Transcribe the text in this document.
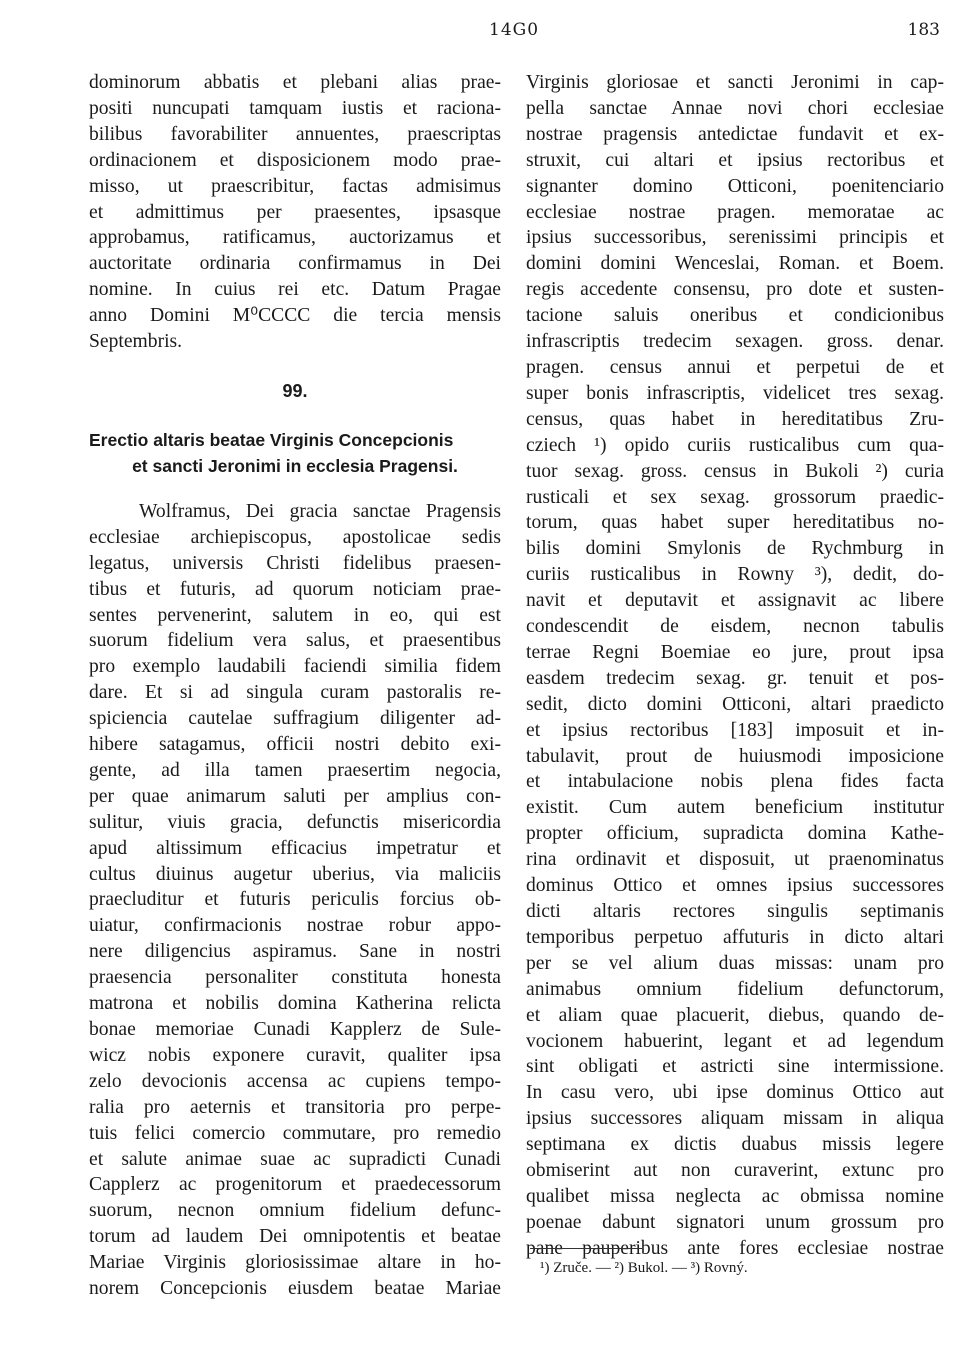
14G0	183

dominorum abbatis et plebani alias prae-

positi nuncupati tamquam iustis et raciona-

bilibus favorabiliter annuentes, praescriptas

ordinacionem et disposicionem modo prae-

misso, ut praescribitur, factas admisimus

et admittimus per praesentes, ipsasque

approbamus, ratificamus, auctorizamus et

auctoritate ordinaria confirmamus in Dei

nomine. In cuius rei etc. Datum Pragae

anno Domini M⁰CCCC die tercia mensis

Septembris.

99.

Erectio altaris beatae Virginis Concepcionis

et sancti Jeronimi in ecclesia Pragensi.

Wolframus, Dei gracia sanctae Pragensis

ecclesiae archiepiscopus, apostolicae sedis

legatus, universis Christi fidelibus praesen-

tibus et futuris, ad quorum noticiam prae-

sentes pervenerint, salutem in eo, qui est

suorum fidelium vera salus, et praesentibus

pro exemplo laudabili faciendi similia fidem

dare. Et si ad singula curam pastoralis re-

spiciencia cautelae suffragium diligenter ad-

hibere satagamus, officii nostri debito exi-

gente, ad illa tamen praesertim negocia,

per quae animarum saluti per amplius con-

sulitur, viuis gracia, defunctis misericordia

apud altissimum efficacius impetratur et

cultus diuinus augetur uberius, via maliciis

praecluditur et futuris periculis forcius ob-

uiatur, confirmacionis nostrae robur appo-

nere diligencius aspiramus. Sane in nostri

praesencia personaliter constituta honesta

matrona et nobilis domina Katherina relicta

bonae memoriae Cunadi Kapplerz de Sule-

wicz nobis exponere curavit, qualiter ipsa

zelo devocionis accensa ac cupiens tempo-

ralia pro aeternis et transitoria pro perpe-

tuis felici comercio commutare, pro remedio

et salute animae suae ac supradicti Cunadi

Capplerz ac progenitorum et praedecessorum

suorum, necnon omnium fidelium defunc-

torum ad laudem Dei omnipotentis et beatae

Mariae Virginis gloriosissimae altare in ho-

norem Concepcionis eiusdem beatae Mariae

Virginis gloriosae et sancti Jeronimi in cap-

pella sanctae Annae novi chori ecclesiae

nostrae pragensis antedictae fundavit et ex-

struxit, cui altari et ipsius rectoribus et

signanter domino Otticoni, poenitenciario

ecclesiae nostrae pragen. memoratae ac

ipsius successoribus, serenissimi principis et

domini domini Wenceslai, Roman. et Boem.

regis accedente consensu, pro dote et susten-

tacione saluis oneribus et condicionibus

infrascriptis tredecim sexagen. gross. denar.

pragen. census annui et perpetui de et

super bonis infrascriptis, videlicet tres sexag.

census, quas habet in hereditatibus Zru-

cziech ¹) opido curiis rusticalibus cum qua-

tuor sexag. gross. census in Bukoli ²) curia

rusticali et sex sexag. grossorum praedic-

torum, quas habet super hereditatibus no-

bilis domini Smylonis de Rychmburg in

curiis rusticalibus in Rowny ³), dedit, do-

navit et deputavit et assignavit ac libere

condescendit de eisdem, necnon tabulis

terrae Regni Boemiae eo jure, prout ipsa

easdem tredecim sexag. gr. tenuit et pos-

sedit, dicto domini Otticoni, altari praedicto

et ipsius rectoribus [183] imposuit et in-

tabulavit, prout de huiusmodi imposicione

et intabulacione nobis plena fides facta

existit. Cum autem beneficium institutur

propter officium, supradicta domina Kathe-

rina ordinavit et disposuit, ut praenominatus

dominus Ottico et omnes ipsius successores

dicti altaris rectores singulis septimanis

temporibus perpetuo affuturis in dicto altari

per se vel alium duas missas: unam pro

animabus omnium fidelium defunctorum,

et aliam quae placuerit, diebus, quando de-

vocionem habuerint, legant et ad legendum

sint obligati et astricti sine intermissione.

In casu vero, ubi ipse dominus Ottico aut

ipsius successores aliquam missam in aliqua

septimana ex dictis duabus missis legere

obmiserint aut non curaverint, extunc pro

qualibet missa neglecta ac obmissa nomine

poenae dabunt signatori unum grossum pro

pane pauperibus ante fores ecclesiae nostrae

¹) Zruče. — ²) Bukol. — ³) Rovný.
